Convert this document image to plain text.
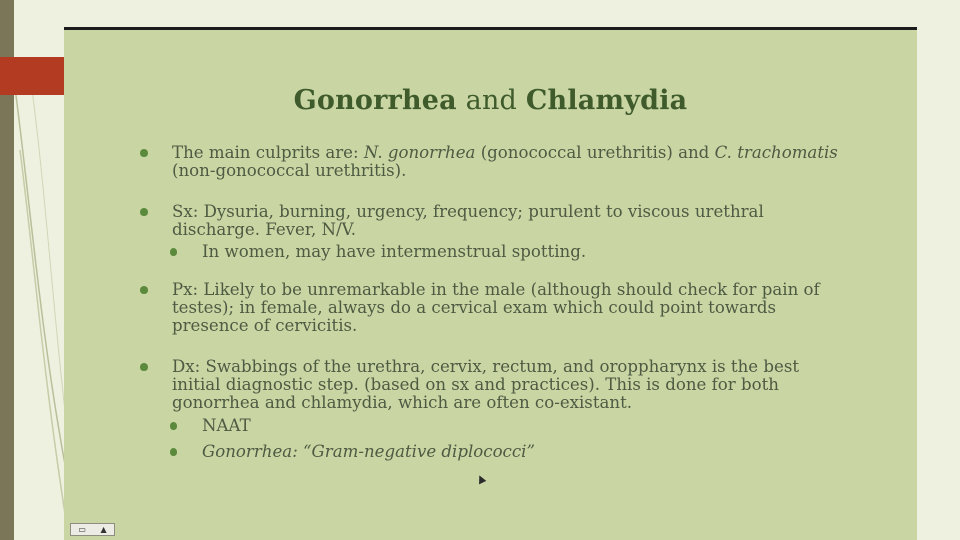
Gonorrhea and Chlamydia
The main culprits are: N. gonorrhea (gonococcal urethritis) and C. trachomatis (non-gonococcal urethritis).
Sx: Dysuria, burning, urgency, frequency; purulent to viscous urethral discharge. Fever, N/V.
In women, may have intermenstrual spotting.
Px: Likely to be unremarkable in the male (although should check for pain of testes); in female, always do a cervical exam which could point towards presence of cervicitis.
Dx: Swabbings of the urethra, cervix, rectum, and oroppharynx is the best initial diagnostic step. (based on sx and practices). This is done for both gonorrhea and chlamydia, which are often co-existant.
NAAT
Gonorrhea: “Gram-negative diplococci”
▭ ▲
